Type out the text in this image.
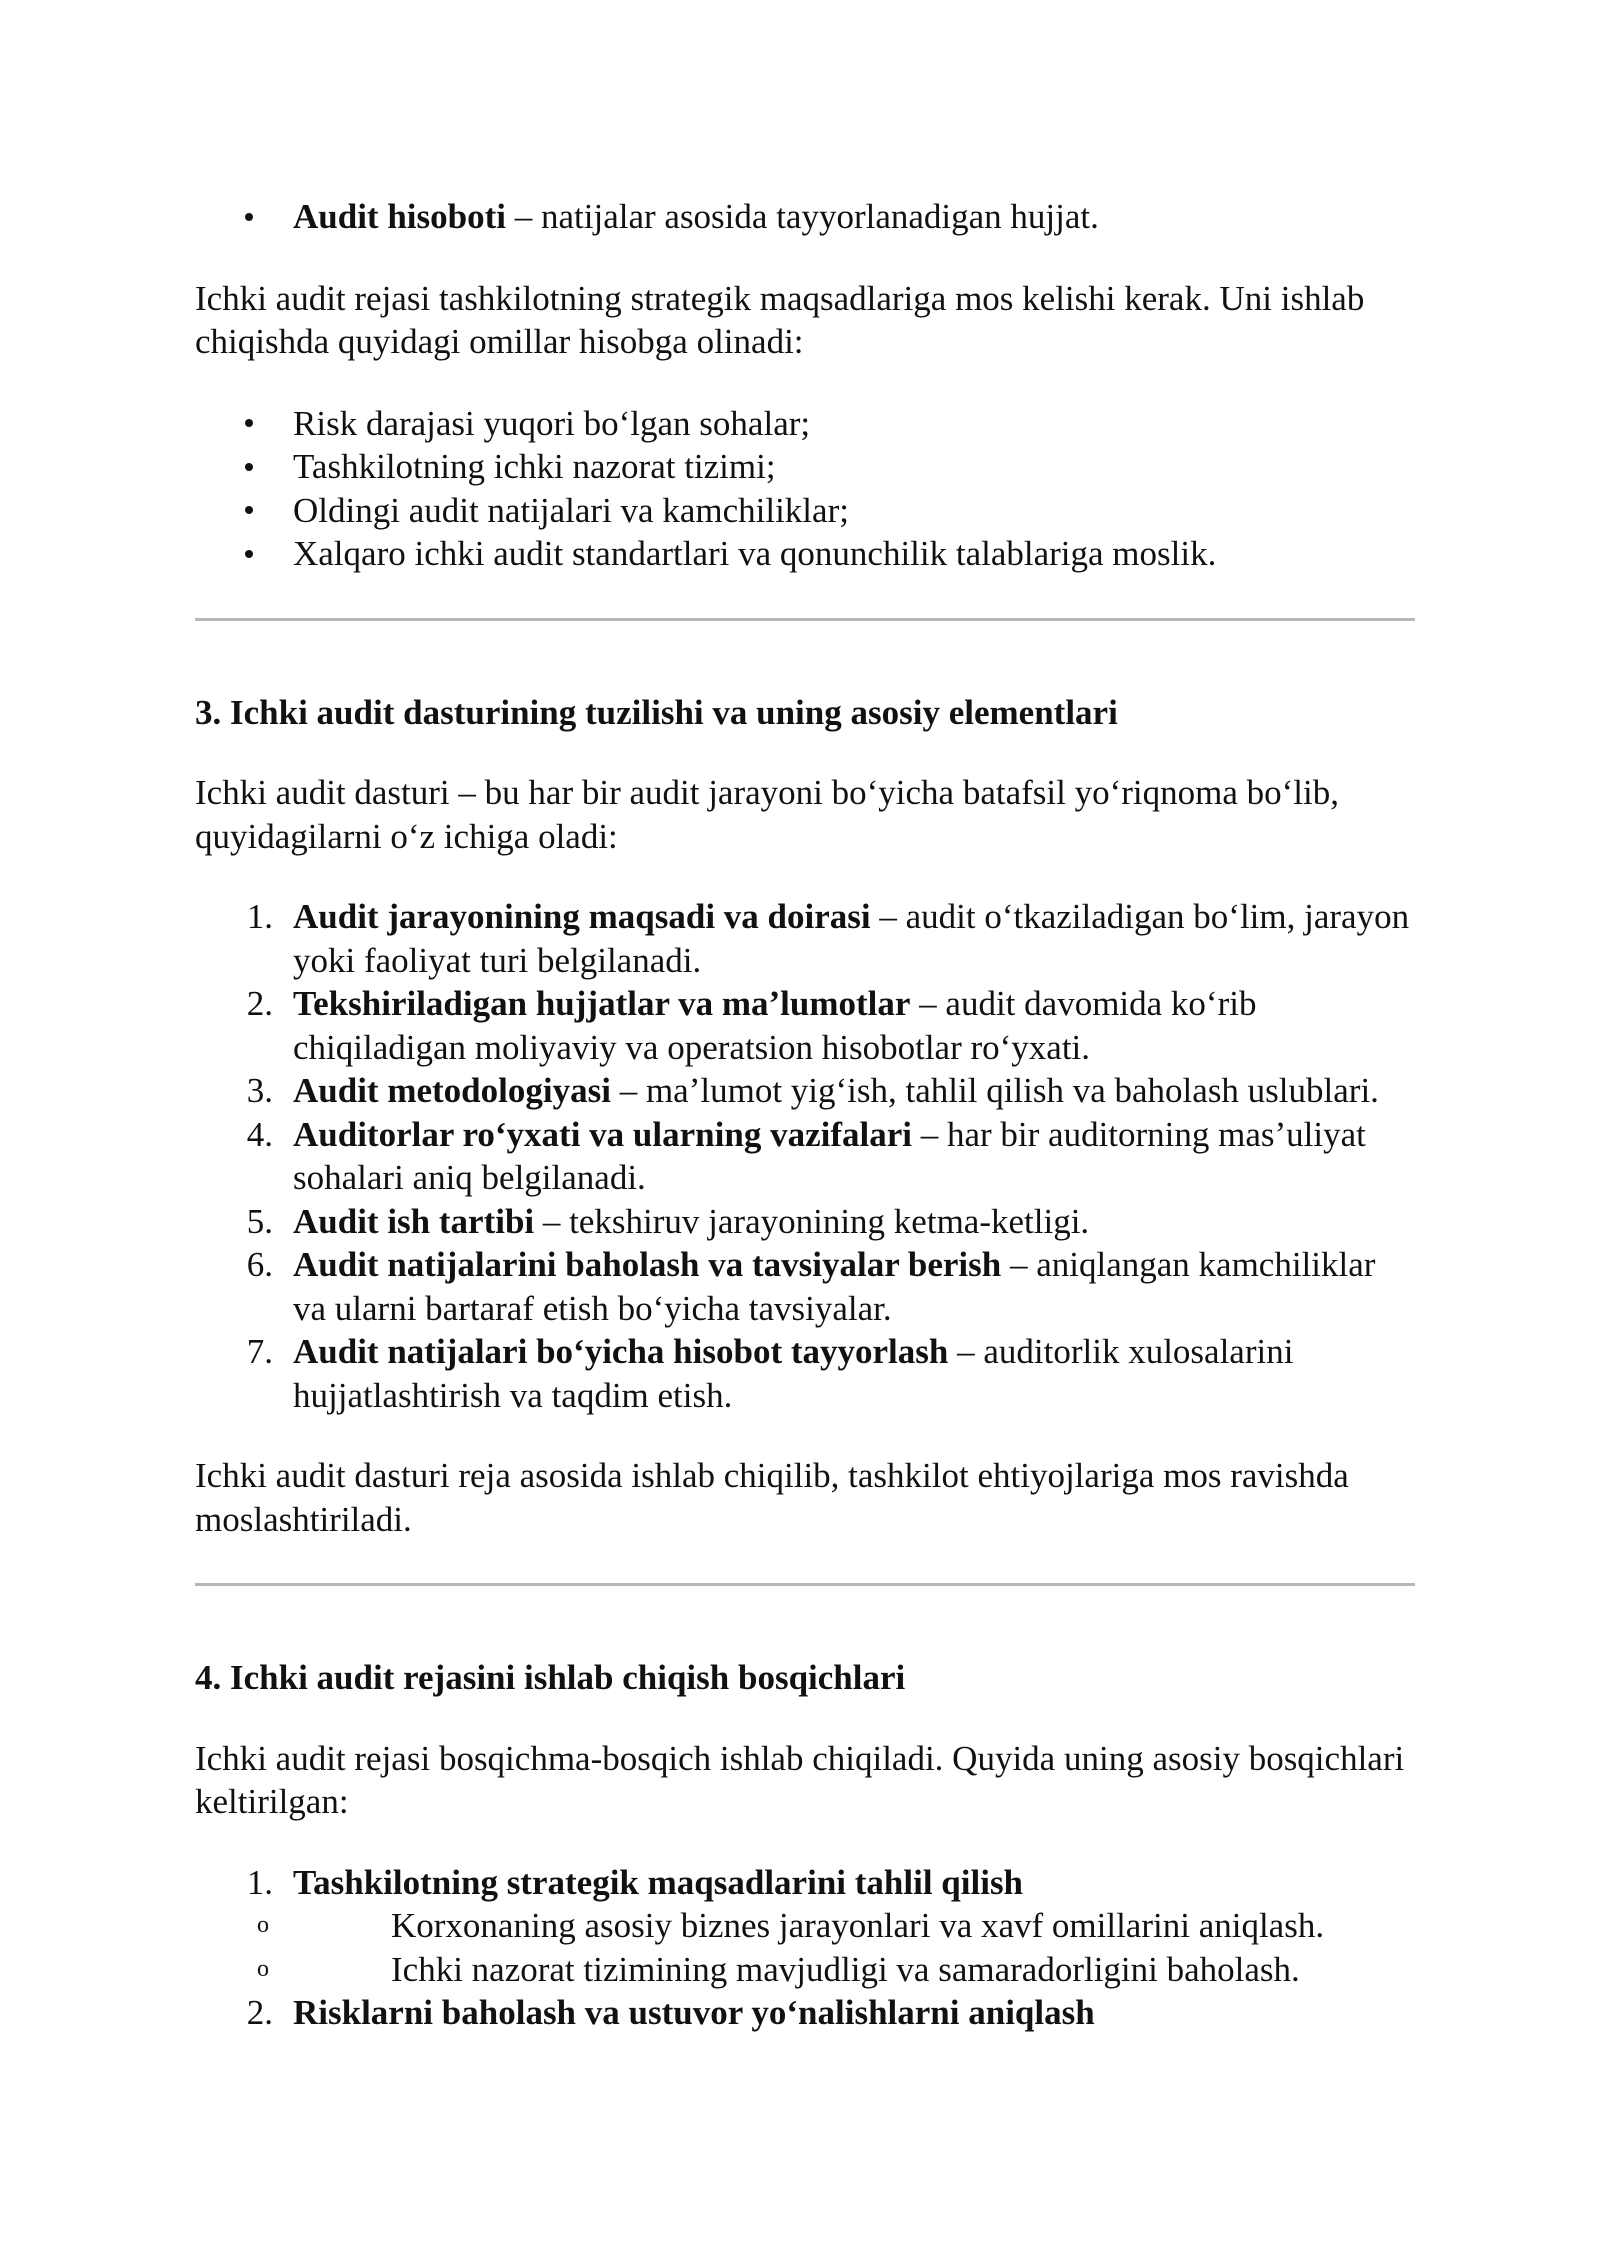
Audit hisoboti – natijalar asosida tayyorlanadigan hujjat.

Ichki audit rejasi tashkilotning strategik maqsadlariga mos kelishi kerak. Uni ishlab chiqishda quyidagi omillar hisobga olinadi:

Risk darajasi yuqori boʻlgan sohalar;
Tashkilotning ichki nazorat tizimi;
Oldingi audit natijalari va kamchiliklar;
Xalqaro ichki audit standartlari va qonunchilik talablariga moslik.
3. Ichki audit dasturining tuzilishi va uning asosiy elementlari

Ichki audit dasturi – bu har bir audit jarayoni boʻyicha batafsil yoʻriqnoma boʻlib, quyidagilarni oʻz ichiga oladi:

1. Audit jarayonining maqsadi va doirasi – audit oʻtkaziladigan boʻlim, jarayon yoki faoliyat turi belgilanadi.
2. Tekshiriladigan hujjatlar va maʼlumotlar – audit davomida koʻrib chiqiladigan moliyaviy va operatsion hisobotlar roʻyxati.
3. Audit metodologiyasi – maʼlumot yigʻish, tahlil qilish va baholash uslublari.
4. Auditorlar roʻyxati va ularning vazifalari – har bir auditorning masʼuliyat sohalari aniq belgilanadi.
5. Audit ish tartibi – tekshiruv jarayonining ketma-ketligi.
6. Audit natijalarini baholash va tavsiyalar berish – aniqlangan kamchiliklar va ularni bartaraf etish boʻyicha tavsiyalar.
7. Audit natijalari boʻyicha hisobot tayyorlash – auditorlik xulosalarini hujjatlashtirish va taqdim etish.

Ichki audit dasturi reja asosida ishlab chiqilib, tashkilot ehtiyojlariga mos ravishda moslashtiriladi.

4. Ichki audit rejasini ishlab chiqish bosqichlari

Ichki audit rejasi bosqichma-bosqich ishlab chiqiladi. Quyida uning asosiy bosqichlari keltirilgan:

1. Tashkilotning strategik maqsadlarini tahlil qilish
o	Korxonaning asosiy biznes jarayonlari va xavf omillarini aniqlash.
o	Ichki nazorat tizimining mavjudligi va samaradorligini baholash.
2. Risklarni baholash va ustuvor yoʻnalishlarni aniqlash
